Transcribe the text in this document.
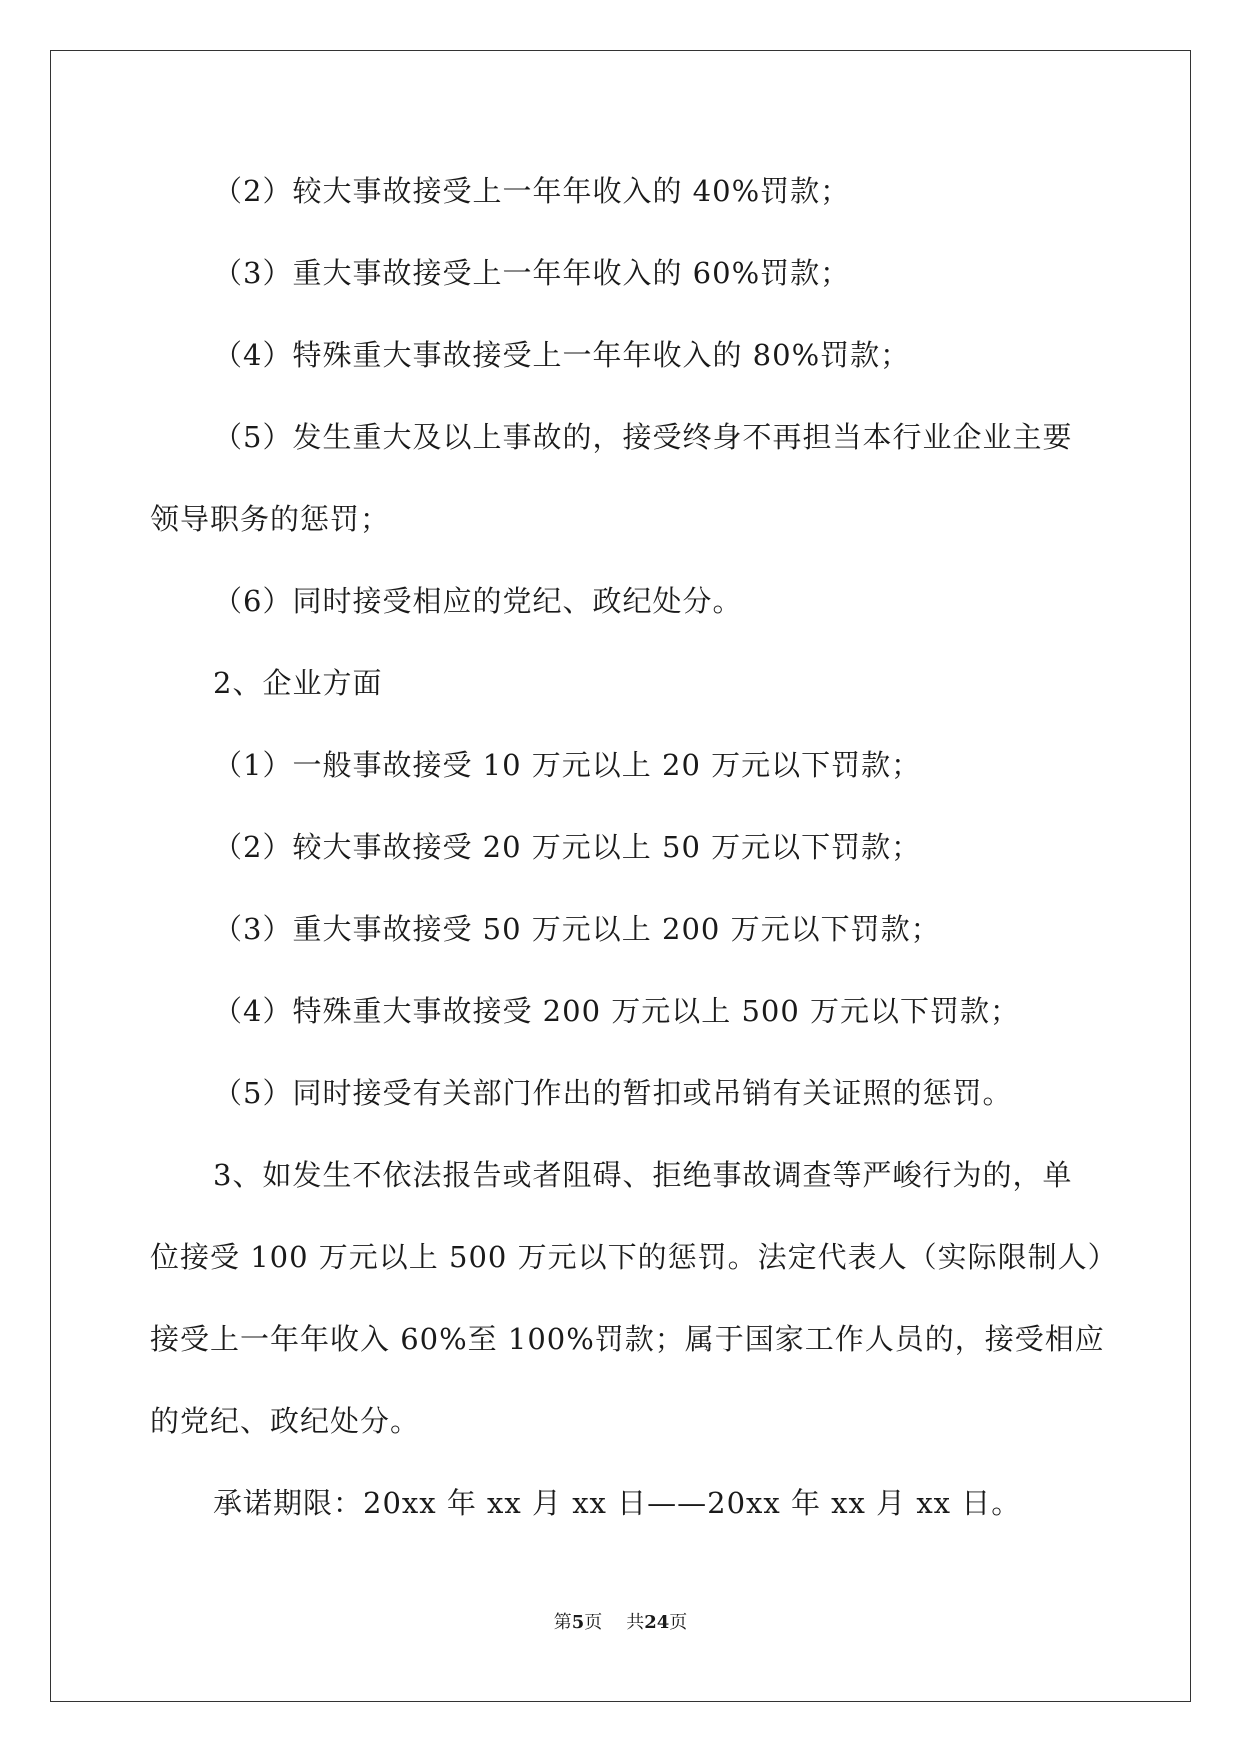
（2）较大事故接受上一年年收入的 40%罚款；
（3）重大事故接受上一年年收入的 60%罚款；
（4）特殊重大事故接受上一年年收入的 80%罚款；
（5）发生重大及以上事故的，接受终身不再担当本行业企业主要
领导职务的惩罚；
（6）同时接受相应的党纪、政纪处分。
2、企业方面
（1）一般事故接受 10 万元以上 20 万元以下罚款；
（2）较大事故接受 20 万元以上 50 万元以下罚款；
（3）重大事故接受 50 万元以上 200 万元以下罚款；
（4）特殊重大事故接受 200 万元以上 500 万元以下罚款；
（5）同时接受有关部门作出的暂扣或吊销有关证照的惩罚。
3、如发生不依法报告或者阻碍、拒绝事故调查等严峻行为的，单
位接受 100 万元以上 500 万元以下的惩罚。法定代表人（实际限制人）
接受上一年年收入 60%至 100%罚款；属于国家工作人员的，接受相应
的党纪、政纪处分。
承诺期限：20xx 年 xx 月 xx 日——20xx 年 xx 月 xx 日。
第5页 共24页
